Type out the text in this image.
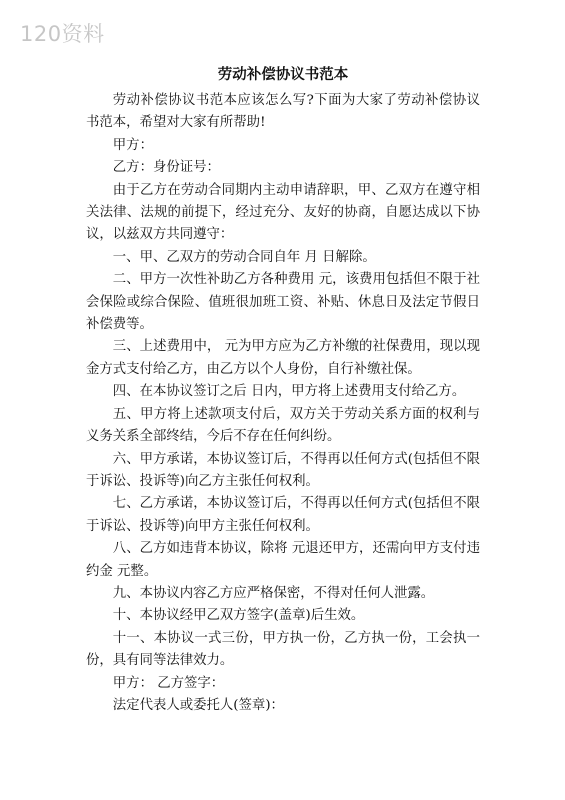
120资料
劳动补偿协议书范本

劳动补偿协议书范本应该怎么写?下面为大家了劳动补偿协议书范本，希望对大家有所帮助!

甲方：

乙方：身份证号：

由于乙方在劳动合同期内主动申请辞职，甲、乙双方在遵守相关法律、法规的前提下，经过充分、友好的协商，自愿达成以下协议，以兹双方共同遵守：

一、甲、乙双方的劳动合同自年 月 日解除。

二、甲方一次性补助乙方各种费用 元，该费用包括但不限于社会保险或综合保险、值班很加班工资、补贴、休息日及法定节假日补偿费等。

三、上述费用中， 元为甲方应为乙方补缴的社保费用，现以现金方式支付给乙方，由乙方以个人身份，自行补缴社保。

四、在本协议签订之后 日内，甲方将上述费用支付给乙方。

五、甲方将上述款项支付后，双方关于劳动关系方面的权利与义务关系全部终结，今后不存在任何纠纷。

六、甲方承诺，本协议签订后，不得再以任何方式(包括但不限于诉讼、投诉等)向乙方主张任何权利。

七、乙方承诺，本协议签订后，不得再以任何方式(包括但不限于诉讼、投诉等)向甲方主张任何权利。

八、乙方如违背本协议，除将 元退还甲方，还需向甲方支付违约金 元整。

九、本协议内容乙方应严格保密，不得对任何人泄露。

十、本协议经甲乙双方签字(盖章)后生效。

十一、本协议一式三份，甲方执一份，乙方执一份，工会执一份，具有同等法律效力。

甲方： 乙方签字：

法定代表人或委托人(签章)：
